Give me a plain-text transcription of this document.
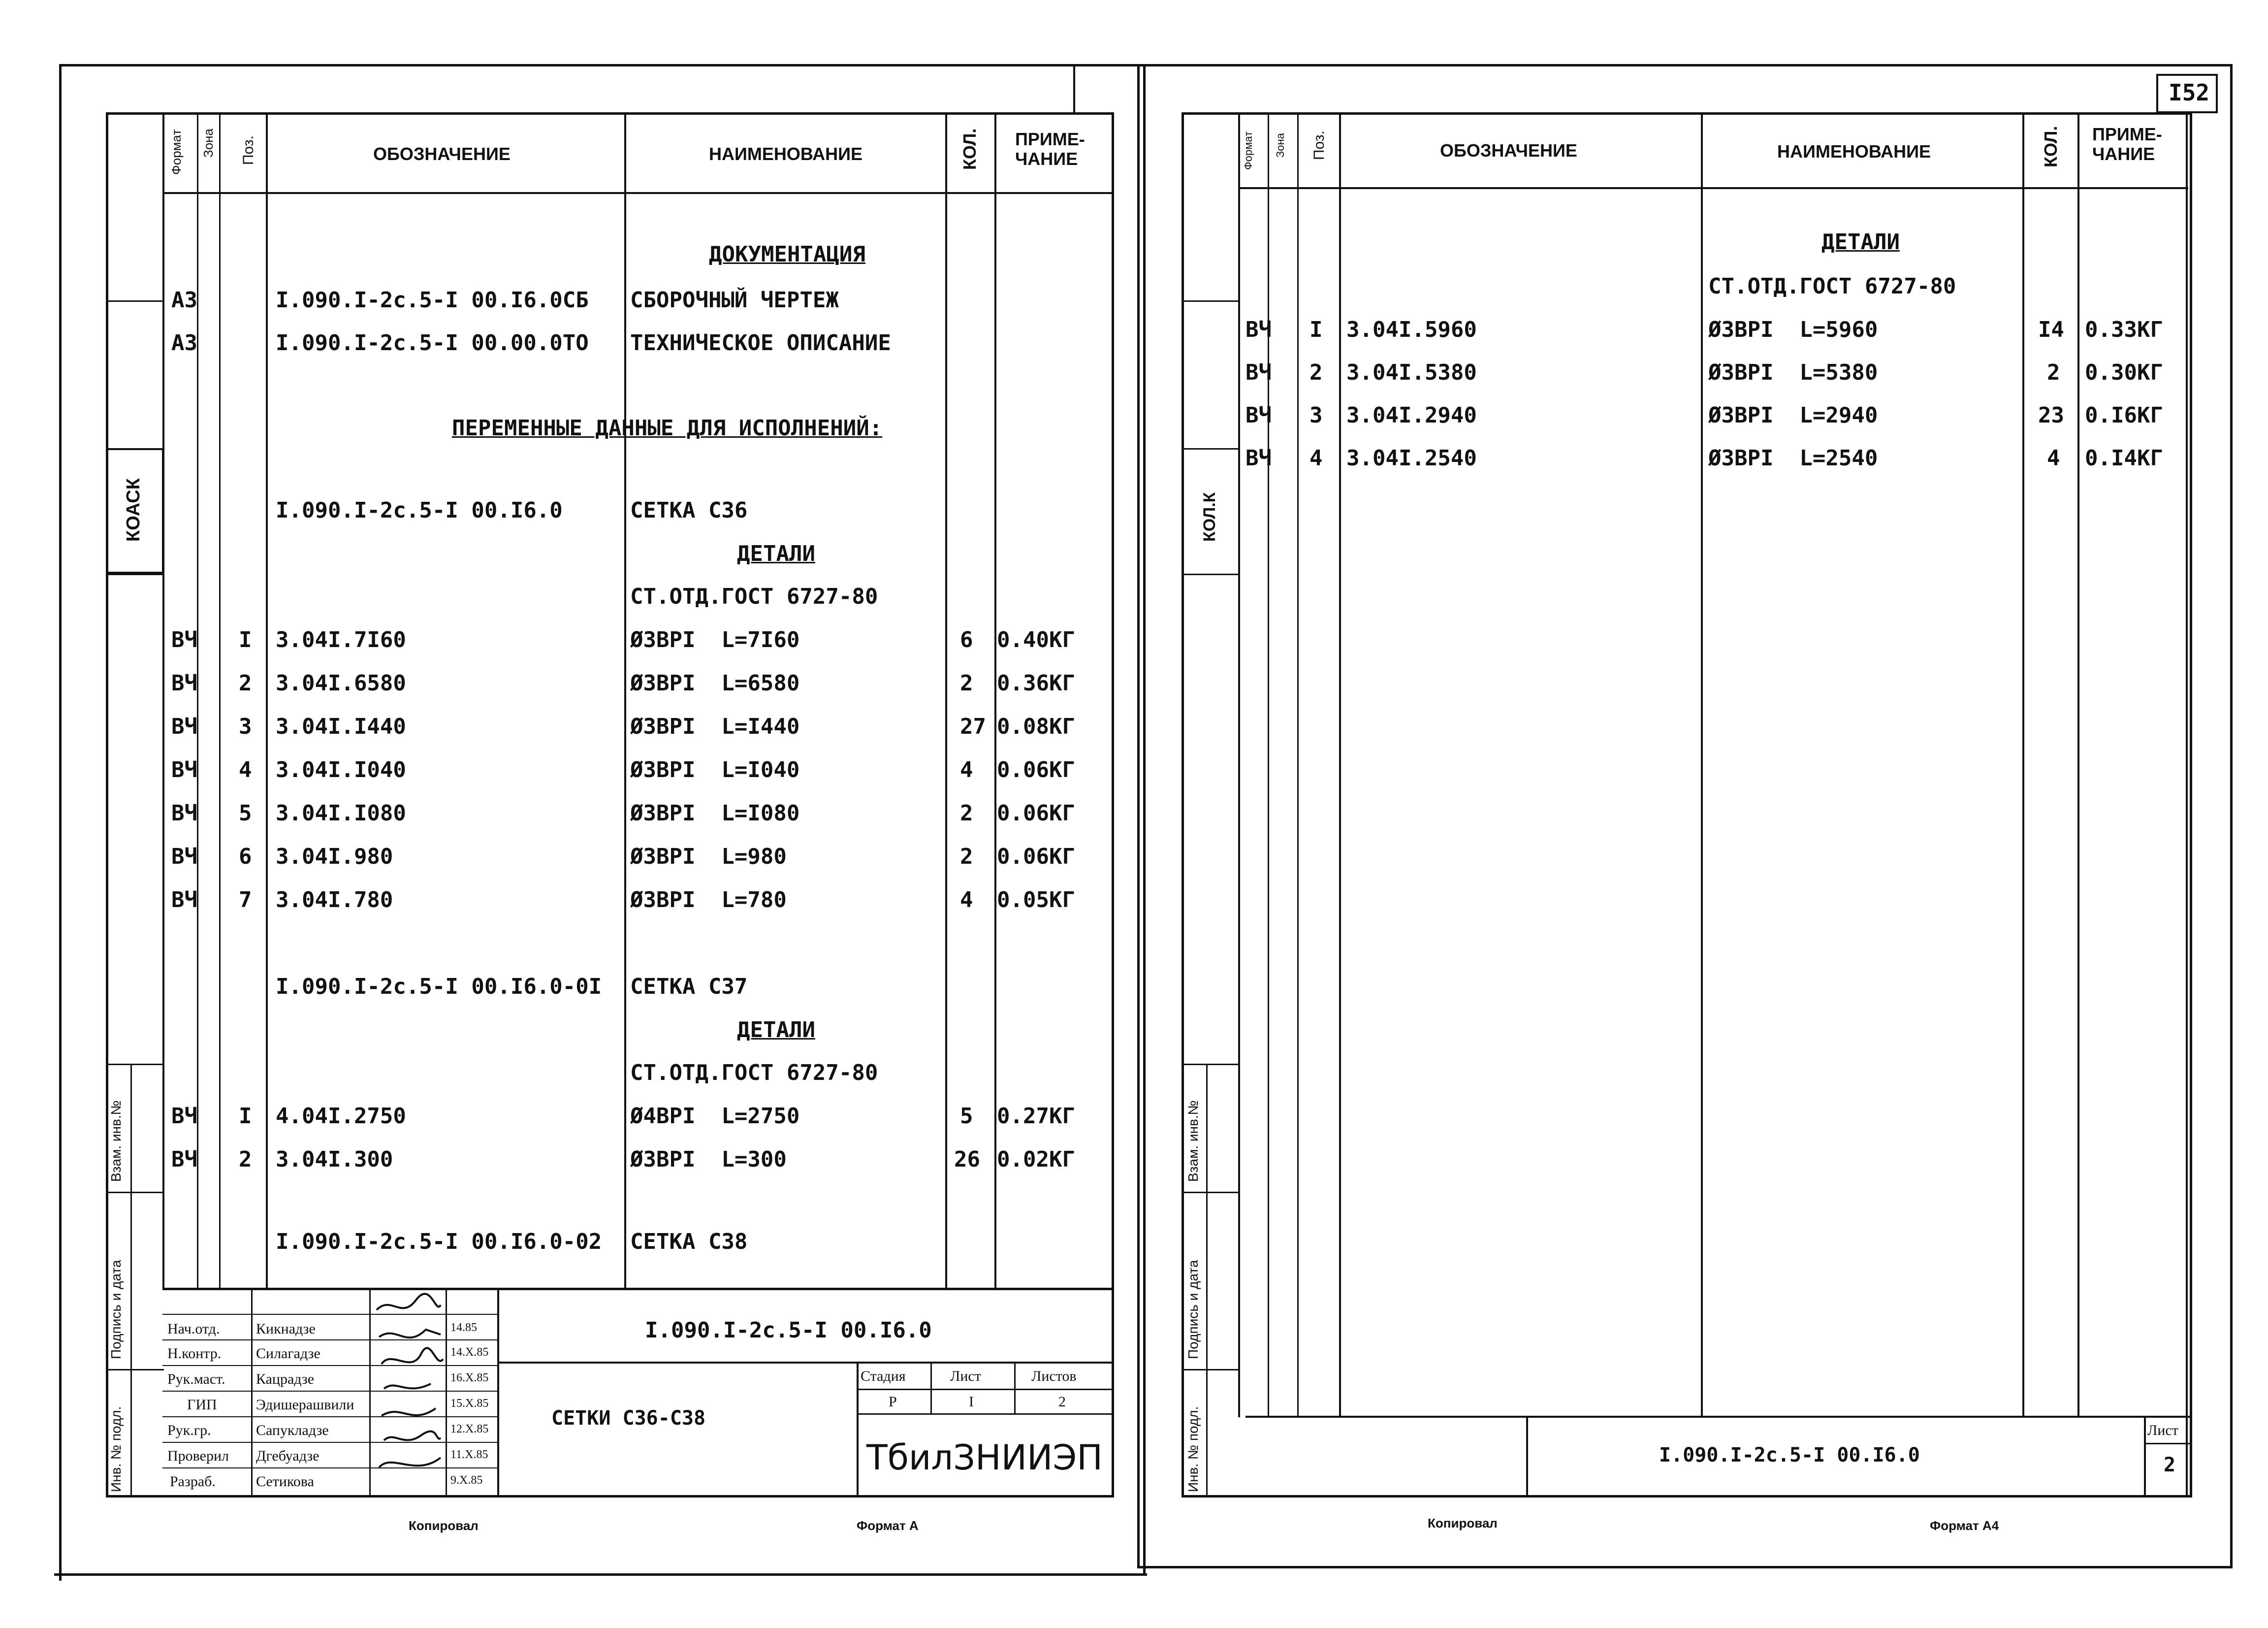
I52
Формат Зона Поз.	ОБОЗНАЧЕНИЕ	НАИМЕНОВАНИЕ	КОЛ. ПРИМЕ-
ЧАНИЕ
КОАСК
Взам. инв.№
Подпись и дата
Инв. № подл.
ДОКУМЕНТАЦИЯ
А3	I.090.I-2c.5-I 00.I6.0СБ СБОРОЧНЫЙ ЧЕРТЕЖ
А3	I.090.I-2c.5-I 00.00.0ТО ТЕХНИЧЕСКОЕ ОПИСАНИЕ
ПЕРЕМЕННЫЕ ДАННЫЕ ДЛЯ ИСПОЛНЕНИЙ:
I.090.I-2c.5-I 00.I6.0	СЕТКА С36
ДЕТАЛИ
СТ.ОТД.ГОСТ 6727-80
ВЧ I 3.04I.7I60	Ø3ВРI  L=7I60	6 0.40КГ
ВЧ 2 3.04I.6580	Ø3ВРI  L=6580	2 0.36КГ
ВЧ 3 3.04I.I440	Ø3ВРI  L=I440	27 0.08КГ
ВЧ 4 3.04I.I040	Ø3ВРI  L=I040	4 0.06КГ
ВЧ 5 3.04I.I080	Ø3ВРI  L=I080	2 0.06КГ
ВЧ 6 3.04I.980	Ø3ВРI  L=980	2 0.06КГ
ВЧ 7 3.04I.780	Ø3ВРI  L=780	4 0.05КГ
I.090.I-2c.5-I 00.I6.0-0I СЕТКА С37
ДЕТАЛИ
СТ.ОТД.ГОСТ 6727-80
ВЧ I 4.04I.2750	Ø4ВРI  L=2750	5 0.27КГ
ВЧ 2 3.04I.300	Ø3ВРI  L=300	26 0.02КГ
I.090.I-2c.5-I 00.I6.0-02 СЕТКА С38
Нач.отд. Кикнадзе	14.85
Н.контр. Силагадзе	14.X.85
Рук.маст. Кацрадзе	16.X.85
ГИП	Эдишерашвили	15.X.85
Рук.гр.	Сапукладзе	12.X.85
Проверил Дгебуадзе	11.X.85
Разраб.	Сетикова	9.X.85
I.090.I-2c.5-I 00.I6.0
СЕТКИ С36-С38
Стадия	Лист	Листов
Р	I	2
ТбилЗНИИЭП
Копировал	Формат А
Формат Зона Поз.	ОБОЗНАЧЕНИЕ	НАИМЕНОВАНИЕ	КОЛ. ПРИМЕ-
ЧАНИЕ
КОЛ.К
Взам. инв.№
Подпись и дата
Инв. № подл.
ДЕТАЛИ
СТ.ОТД.ГОСТ 6727-80
ВЧ I 3.04I.5960	Ø3ВРI  L=5960	I4 0.33КГ
ВЧ 2 3.04I.5380	Ø3ВРI  L=5380	2 0.30КГ
ВЧ 3 3.04I.2940	Ø3ВРI  L=2940	23 0.I6КГ
ВЧ 4 3.04I.2540	Ø3ВРI  L=2540	4 0.I4КГ
I.090.I-2c.5-I 00.I6.0
Лист
2
Копировал	Формат А4
